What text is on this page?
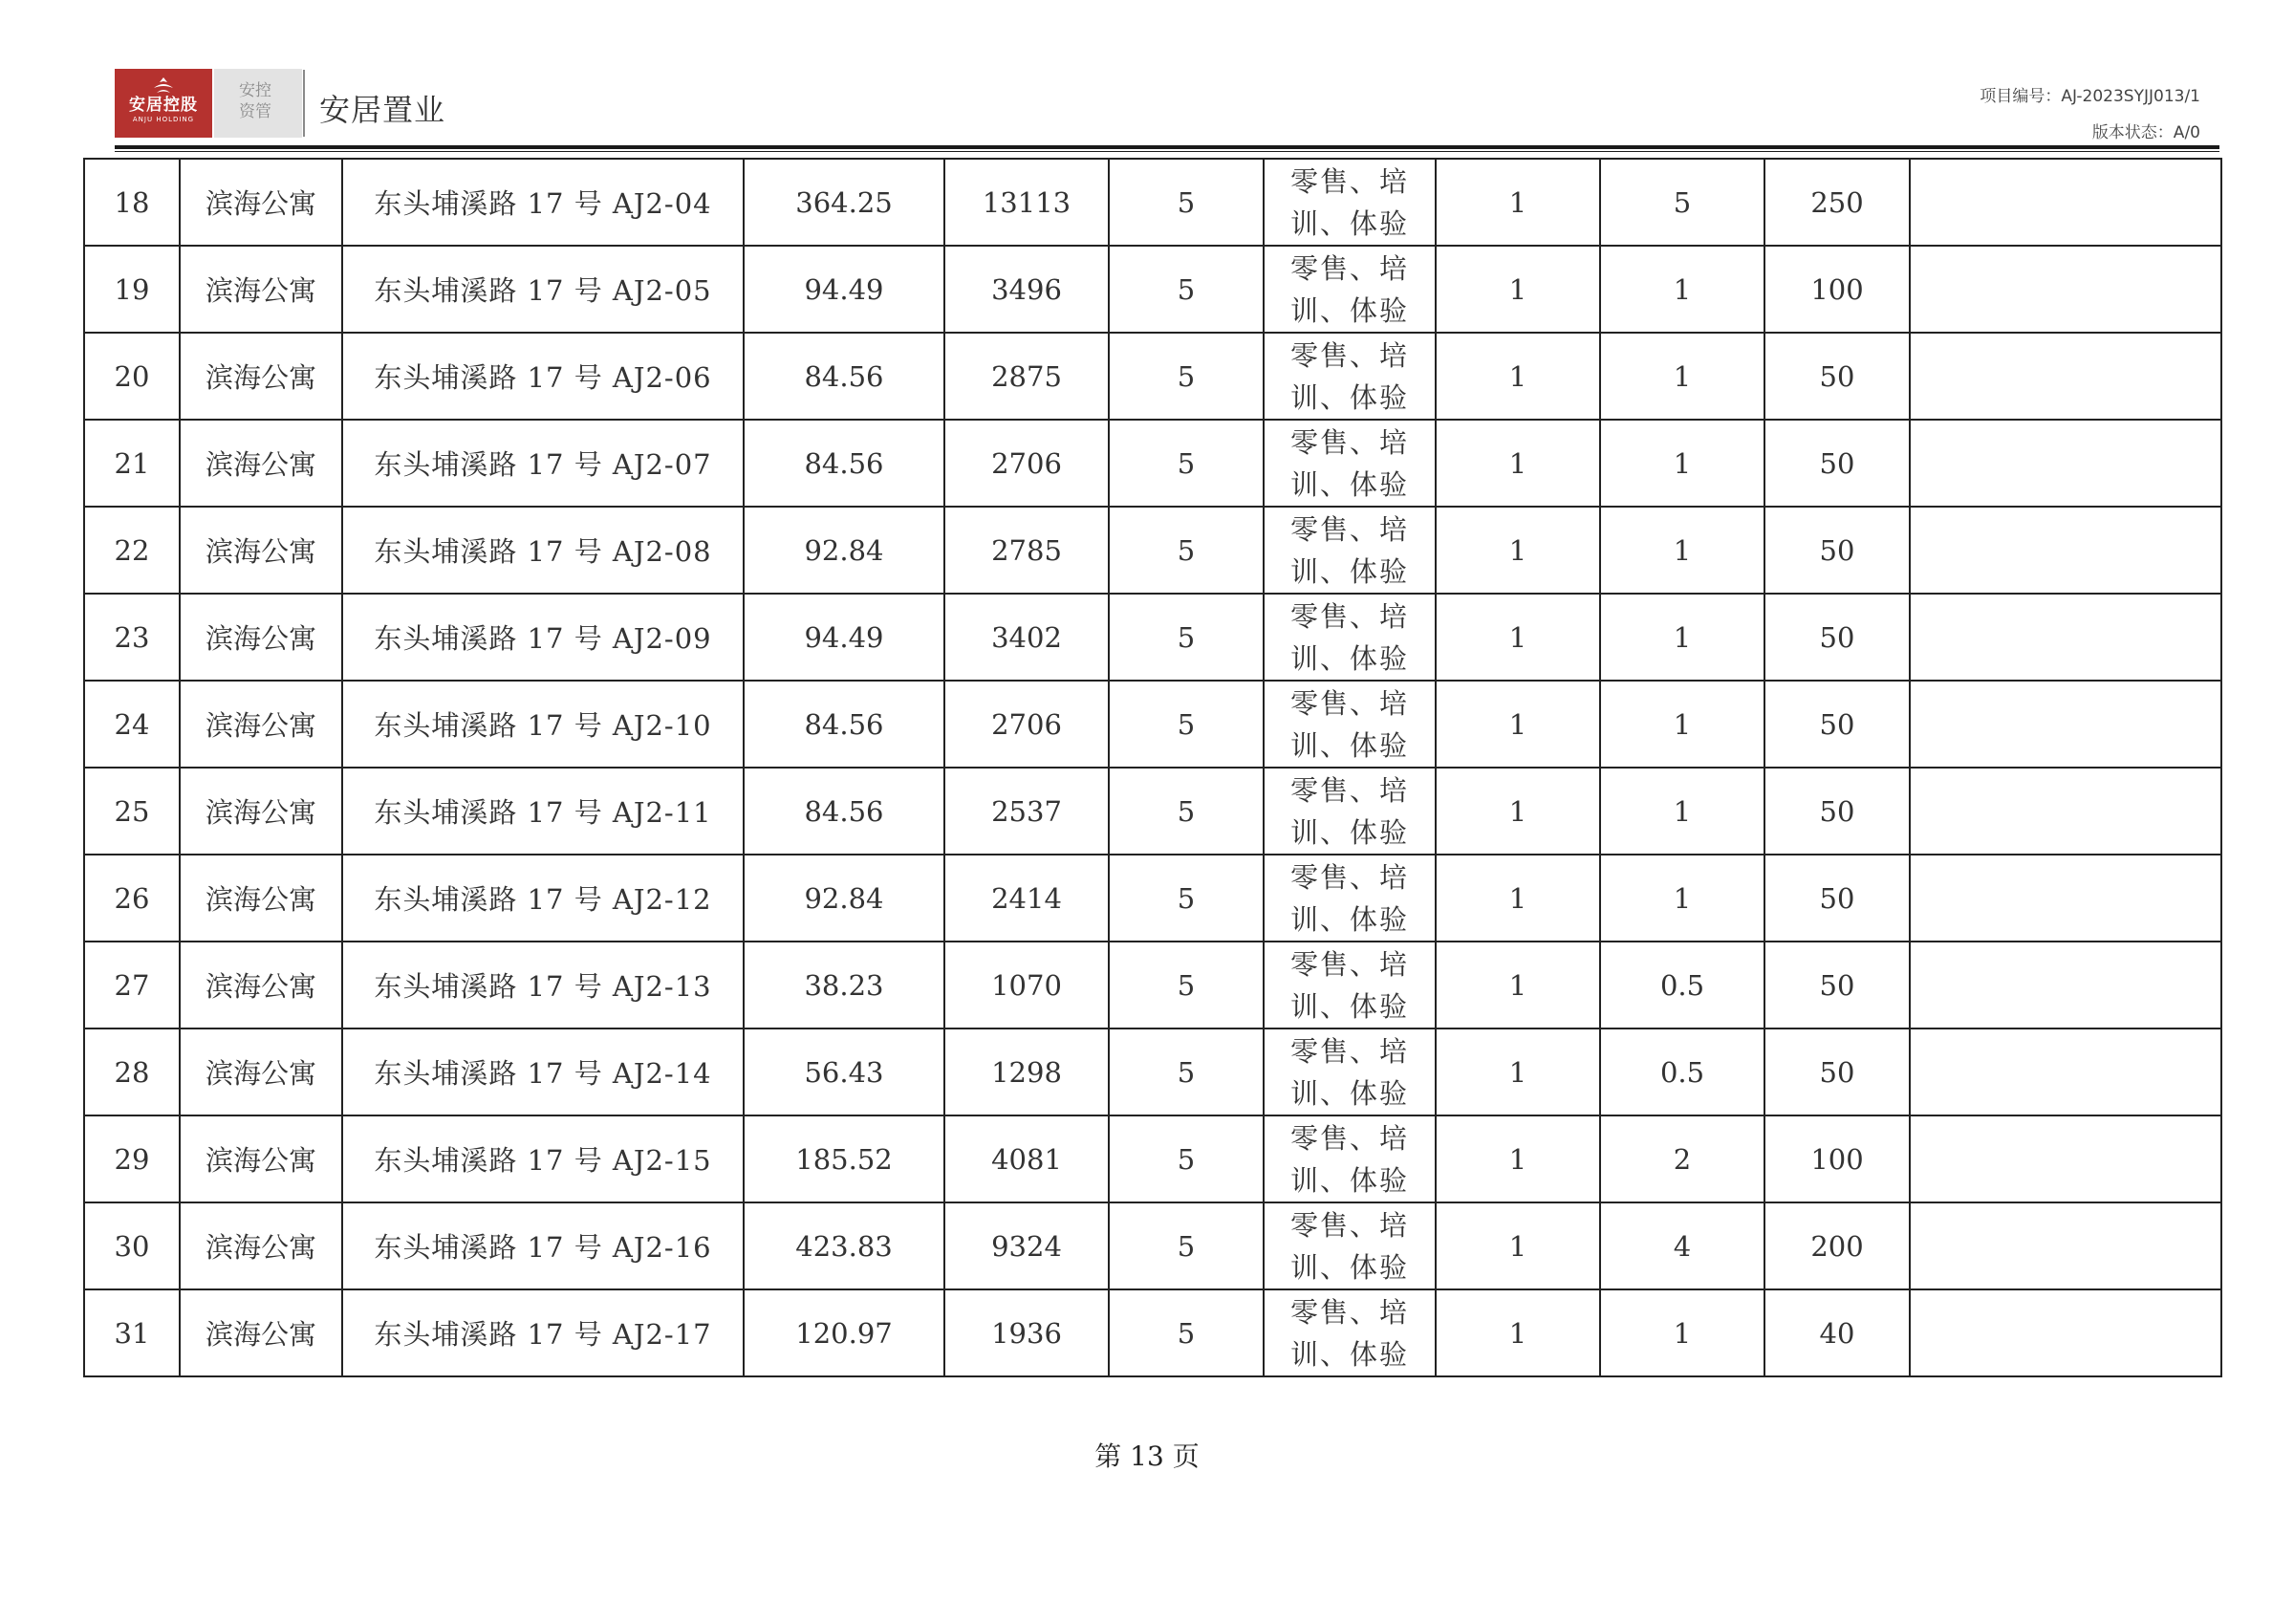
安居控股
ANJU HOLDING
安控
资管	安居置业	项目编号：AJ-2023SYJJ013/1
版本状态：A/0
18	滨海公寓	东头埔溪路 17 号 AJ2-04	364.25	13113	5	零售、培
训、体验	1	5	250	
19	滨海公寓	东头埔溪路 17 号 AJ2-05	94.49	3496	5	零售、培
训、体验	1	1	100	
20	滨海公寓	东头埔溪路 17 号 AJ2-06	84.56	2875	5	零售、培
训、体验	1	1	50	
21	滨海公寓	东头埔溪路 17 号 AJ2-07	84.56	2706	5	零售、培
训、体验	1	1	50	
22	滨海公寓	东头埔溪路 17 号 AJ2-08	92.84	2785	5	零售、培
训、体验	1	1	50	
23	滨海公寓	东头埔溪路 17 号 AJ2-09	94.49	3402	5	零售、培
训、体验	1	1	50	
24	滨海公寓	东头埔溪路 17 号 AJ2-10	84.56	2706	5	零售、培
训、体验	1	1	50	
25	滨海公寓	东头埔溪路 17 号 AJ2-11	84.56	2537	5	零售、培
训、体验	1	1	50	
26	滨海公寓	东头埔溪路 17 号 AJ2-12	92.84	2414	5	零售、培
训、体验	1	1	50	
27	滨海公寓	东头埔溪路 17 号 AJ2-13	38.23	1070	5	零售、培
训、体验	1	0.5	50	
28	滨海公寓	东头埔溪路 17 号 AJ2-14	56.43	1298	5	零售、培
训、体验	1	0.5	50	
29	滨海公寓	东头埔溪路 17 号 AJ2-15	185.52	4081	5	零售、培
训、体验	1	2	100	
30	滨海公寓	东头埔溪路 17 号 AJ2-16	423.83	9324	5	零售、培
训、体验	1	4	200	
31	滨海公寓	东头埔溪路 17 号 AJ2-17	120.97	1936	5	零售、培
训、体验	1	1	40	
第 13 页
